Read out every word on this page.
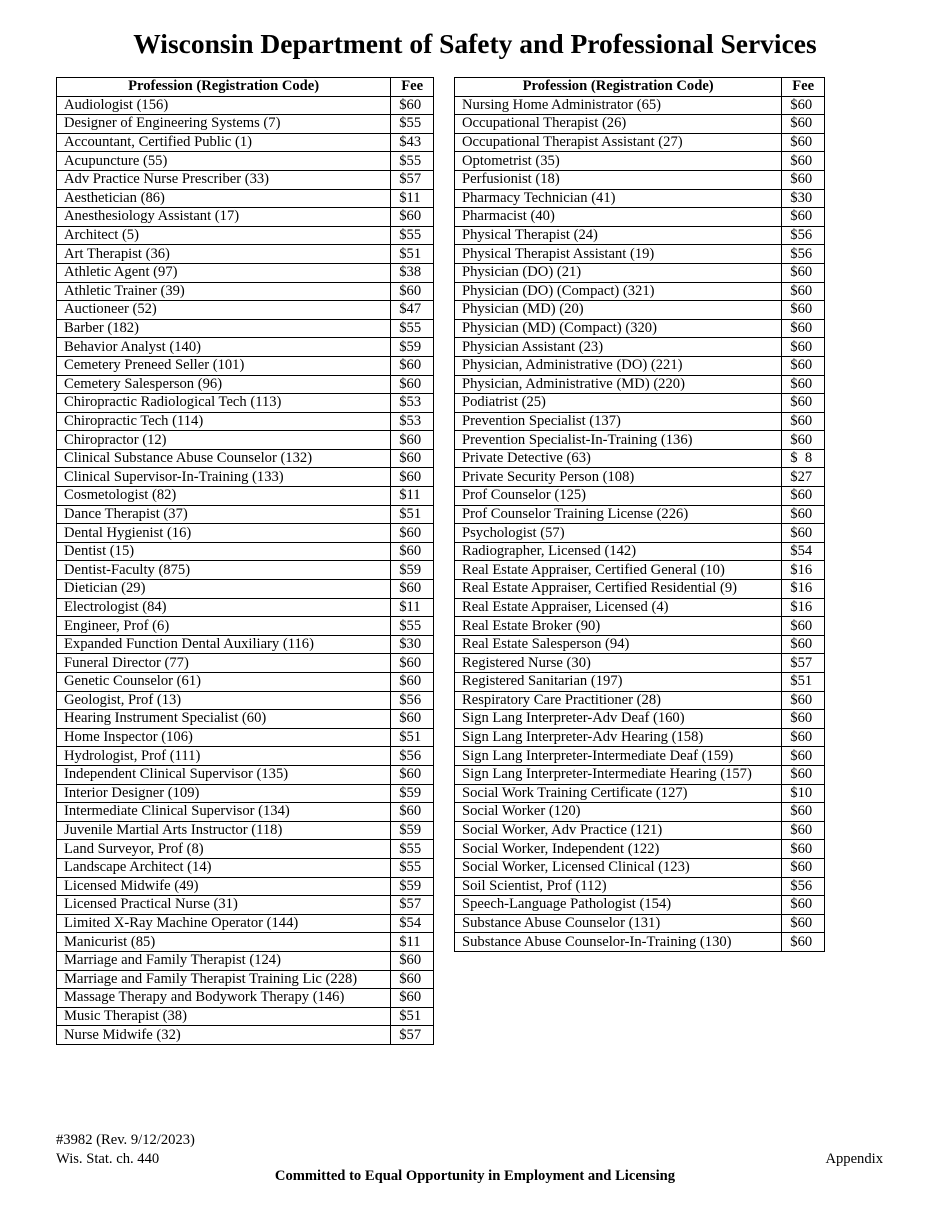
Wisconsin Department of Safety and Professional Services
Profession (Registration Code)	Fee
Audiologist (156)	$60
Designer of Engineering Systems (7)	$55
Accountant, Certified Public (1)	$43
Acupuncture (55)	$55
Adv Practice Nurse Prescriber (33)	$57
Aesthetician (86)	$11
Anesthesiology Assistant (17)	$60
Architect (5)	$55
Art Therapist (36)	$51
Athletic Agent (97)	$38
Athletic Trainer (39)	$60
Auctioneer (52)	$47
Barber (182)	$55
Behavior Analyst (140)	$59
Cemetery Preneed Seller (101)	$60
Cemetery Salesperson (96)	$60
Chiropractic Radiological Tech (113)	$53
Chiropractic Tech (114)	$53
Chiropractor (12)	$60
Clinical Substance Abuse Counselor (132)	$60
Clinical Supervisor-In-Training (133)	$60
Cosmetologist (82)	$11
Dance Therapist (37)	$51
Dental Hygienist (16)	$60
Dentist (15)	$60
Dentist-Faculty (875)	$59
Dietician (29)	$60
Electrologist (84)	$11
Engineer, Prof (6)	$55
Expanded Function Dental Auxiliary (116)	$30
Funeral Director (77)	$60
Genetic Counselor (61)	$60
Geologist, Prof (13)	$56
Hearing Instrument Specialist (60)	$60
Home Inspector (106)	$51
Hydrologist, Prof (111)	$56
Independent Clinical Supervisor (135)	$60
Interior Designer (109)	$59
Intermediate Clinical Supervisor (134)	$60
Juvenile Martial Arts Instructor (118)	$59
Land Surveyor, Prof (8)	$55
Landscape Architect (14)	$55
Licensed Midwife (49)	$59
Licensed Practical Nurse (31)	$57
Limited X-Ray Machine Operator (144)	$54
Manicurist (85)	$11
Marriage and Family Therapist (124)	$60
Marriage and Family Therapist Training Lic (228)	$60
Massage Therapy and Bodywork Therapy (146)	$60
Music Therapist (38)	$51
Nurse Midwife (32)	$57
Profession (Registration Code)	Fee
Nursing Home Administrator (65)	$60
Occupational Therapist (26)	$60
Occupational Therapist Assistant (27)	$60
Optometrist (35)	$60
Perfusionist (18)	$60
Pharmacy Technician (41)	$30
Pharmacist (40)	$60
Physical Therapist (24)	$56
Physical Therapist Assistant (19)	$56
Physician (DO) (21)	$60
Physician (DO) (Compact) (321)	$60
Physician (MD) (20)	$60
Physician (MD) (Compact) (320)	$60
Physician Assistant (23)	$60
Physician, Administrative (DO) (221)	$60
Physician, Administrative (MD) (220)	$60
Podiatrist (25)	$60
Prevention Specialist (137)	$60
Prevention Specialist-In-Training (136)	$60
Private Detective (63)	$  8
Private Security Person (108)	$27
Prof Counselor (125)	$60
Prof Counselor Training License (226)	$60
Psychologist (57)	$60
Radiographer, Licensed (142)	$54
Real Estate Appraiser, Certified General (10)	$16
Real Estate Appraiser, Certified Residential (9)	$16
Real Estate Appraiser, Licensed (4)	$16
Real Estate Broker (90)	$60
Real Estate Salesperson (94)	$60
Registered Nurse (30)	$57
Registered Sanitarian (197)	$51
Respiratory Care Practitioner (28)	$60
Sign Lang Interpreter-Adv Deaf (160)	$60
Sign Lang Interpreter-Adv Hearing (158)	$60
Sign Lang Interpreter-Intermediate Deaf (159)	$60
Sign Lang Interpreter-Intermediate Hearing (157)	$60
Social Work Training Certificate (127)	$10
Social Worker (120)	$60
Social Worker, Adv Practice (121)	$60
Social Worker, Independent (122)	$60
Social Worker, Licensed Clinical (123)	$60
Soil Scientist, Prof (112)	$56
Speech-Language Pathologist (154)	$60
Substance Abuse Counselor (131)	$60
Substance Abuse Counselor-In-Training (130)	$60
#3982 (Rev. 9/12/2023)
Wis. Stat. ch. 440	Appendix
Committed to Equal Opportunity in Employment and Licensing
